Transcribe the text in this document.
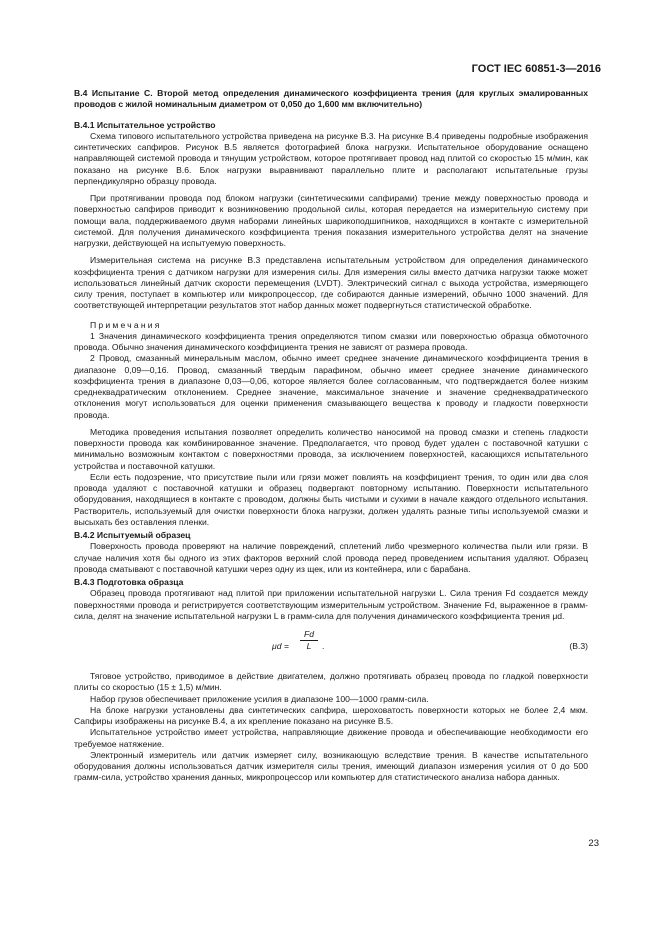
ГОСТ IEC 60851-3—2016

В.4 Испытание С. Второй метод определения динамического коэффициента трения (для круглых эмалированных проводов с жилой номинальным диаметром от 0,050 до 1,600 мм включительно)

В.4.1 Испытательное устройство

Схема типового испытательного устройства приведена на рисунке В.3. На рисунке В.4 приведены подробные изображения синтетических сапфиров. Рисунок В.5 является фотографией блока нагрузки. Испытательное оборудование оснащено направляющей системой провода и тянущим устройством, которое протягивает провод над плитой со скоростью 15 м/мин, как показано на рисунке В.6. Блок нагрузки выравнивают параллельно плите и располагают испытательные грузы перпендикулярно образцу провода.

При протягивании провода под блоком нагрузки (синтетическими сапфирами) трение между поверхностью провода и поверхностью сапфиров приводит к возникновению продольной силы, которая передается на измерительную систему при помощи вала, поддерживаемого двумя наборами линейных шарикоподшипников, находящихся в контакте с измерительной системой. Для получения динамического коэффициента трения показания измерительного устройства делят на значение нагрузки, действующей на испытуемую поверхность.

Измерительная система на рисунке В.3 представлена испытательным устройством для определения динамического коэффициента трения с датчиком нагрузки для измерения силы. Для измерения силы вместо датчика нагрузки также может использоваться линейный датчик скорости перемещения (LVDT). Электрический сигнал с выхода устройства, измеряющего силу трения, поступает в компьютер или микропроцессор, где собираются данные измерений, обычно 1000 значений. Для соответствующей интерпретации результатов этот набор данных может подвергнуться статистической обработке.

Примечания

1 Значения динамического коэффициента трения определяются типом смазки или поверхностью образца обмоточного провода. Обычно значения динамического коэффициента трения не зависят от размера провода.

2 Провод, смазанный минеральным маслом, обычно имеет среднее значение динамического коэффициента трения в диапазоне 0,09—0,16. Провод, смазанный твердым парафином, обычно имеет среднее значение динамического коэффициента трения в диапазоне 0,03—0,06, которое является более согласованным, что подтверждается более низким среднеквадратическим отклонением. Среднее значение, максимальное значение и значение среднеквадратического отклонения могут использоваться для оценки применения смазывающего вещества к проводу и гладкости поверхности провода.

Методика проведения испытания позволяет определить количество наносимой на провод смазки и степень гладкости поверхности провода как комбинированное значение. Предполагается, что провод будет удален с поставочной катушки с минимально возможным контактом с поверхностями провода, за исключением поверхностей, касающихся испытательного устройства и поставочной катушки.

Если есть подозрение, что присутствие пыли или грязи может повлиять на коэффициент трения, то один или два слоя провода удаляют с поставочной катушки и образец подвергают повторному испытанию. Поверхности испытательного оборудования, находящиеся в контакте с проводом, должны быть чистыми и сухими в начале каждого отдельного испытания. Растворитель, используемый для очистки поверхности блока нагрузки, должен удалять разные типы используемой смазки и высыхать без оставления пленки.

В.4.2 Испытуемый образец

Поверхность провода проверяют на наличие повреждений, сплетений либо чрезмерного количества пыли или грязи. В случае наличия хотя бы одного из этих факторов верхний слой провода перед проведением испытания удаляют. Образец провода сматывают с поставочной катушки через одну из щек, или из контейнера, или с барабана.

В.4.3 Подготовка образца

Образец провода протягивают над плитой при приложении испытательной нагрузки L. Сила трения Fd создается между поверхностями провода и регистрируется соответствующим измерительным устройством. Значение Fd, выраженное в грамм-сила, делят на значение испытательной нагрузки L в грамм-сила для получения динамического коэффициента трения μd.

$\mu d = \frac{Fd}{L}$ .	(В.3)

Тяговое устройство, приводимое в действие двигателем, должно протягивать образец провода по гладкой поверхности плиты со скоростью (15 ± 1,5) м/мин.

Набор грузов обеспечивает приложение усилия в диапазоне 100—1000 грамм-сила.

На блоке нагрузки установлены два синтетических сапфира, шероховатость поверхности которых не более 2,4 мкм. Сапфиры изображены на рисунке В.4, а их крепление показано на рисунке В.5.

Испытательное устройство имеет устройства, направляющие движение провода и обеспечивающие необходимости его требуемое натяжение.

Электронный измеритель или датчик измеряет силу, возникающую вследствие трения. В качестве испытательного оборудования должны использоваться датчик измерителя силы трения, имеющий диапазон измерения усилия от 0 до 500 грамм-сила, устройство хранения данных, микропроцессор или компьютер для статистического анализа набора данных.

23
